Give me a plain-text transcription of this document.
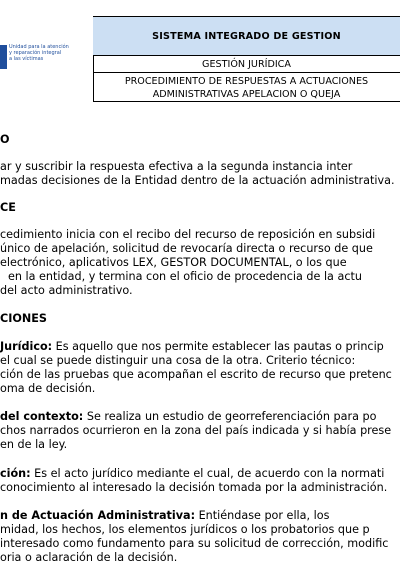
Unidad para la atención
y reparación integral
a las víctimas
SISTEMA INTEGRADO DE GESTION
GESTIÓN JURÍDICA
PROCEDIMIENTO DE RESPUESTAS A ACTUACIONES
ADMINISTRATIVAS APELACION O QUEJA
O
ar y suscribir la respuesta efectiva a la segunda instancia inter
madas decisiones de la Entidad dentro de la actuación administrativa.
CE
cedimiento inicia con el recibo del recurso de reposición en subsidi
único de apelación, solicitud de revocaría directa o recurso de que
electrónico, aplicativos LEX, GESTOR DOCUMENTAL, o los que
en la entidad, y termina con el oficio de procedencia de la actu
del acto administrativo.
CIONES
Jurídico: Es aquello que nos permite establecer las pautas o princip
el cual se puede distinguir una cosa de la otra. Criterio técnico:
ción de las pruebas que acompañan el escrito de recurso que pretenc
oma de decisión.
del contexto: Se realiza un estudio de georreferenciación para po
chos narrados ocurrieron en la zona del país indicada y si había prese
en de la ley.
ción: Es el acto jurídico mediante el cual, de acuerdo con la normati
conocimiento al interesado la decisión tomada por la administración.
n de Actuación Administrativa: Entiéndase por ella, los
midad, los hechos, los elementos jurídicos o los probatorios que p
interesado como fundamento para su solicitud de corrección, modific
oria o aclaración de la decisión.
